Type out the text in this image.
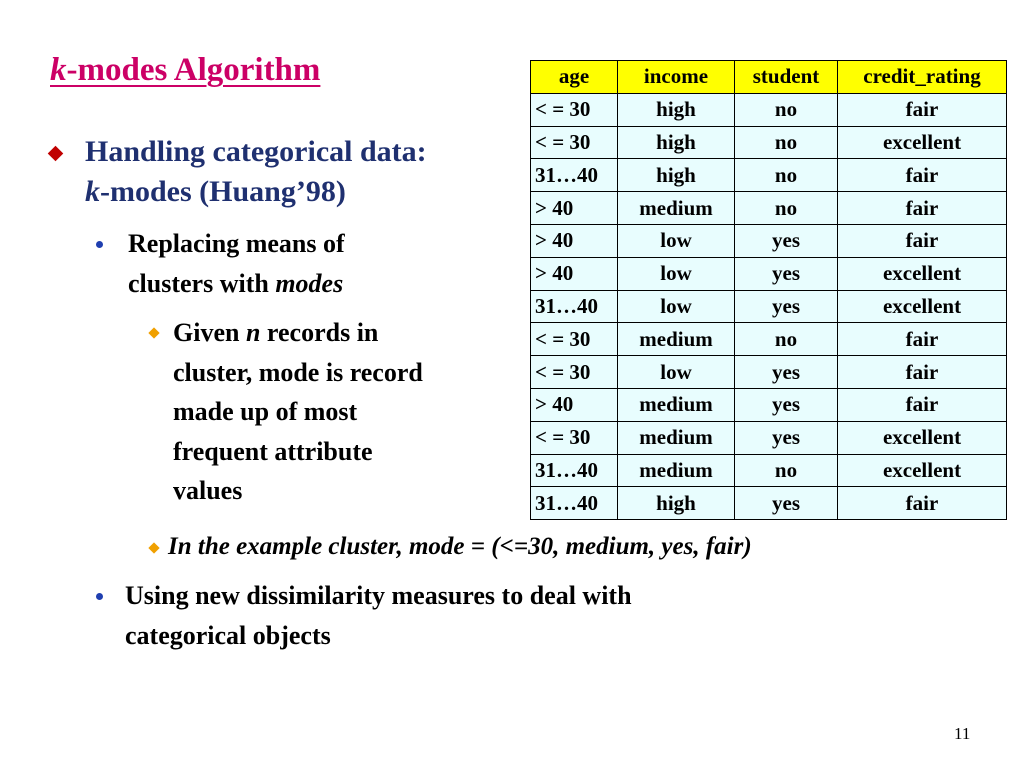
k-modes Algorithm
Handling categorical data:
k-modes (Huang’98)
Replacing means of
clusters with modes
Given n records in
cluster, mode is record
made up of most
frequent attribute
values
In the example cluster, mode = (<=30, medium, yes, fair)
Using new dissimilarity measures to deal with
categorical objects
age	income	student	credit_rating
< = 30	high	no	fair
< = 30	high	no	excellent
31…40	high	no	fair
> 40	medium	no	fair
> 40	low	yes	fair
> 40	low	yes	excellent
31…40	low	yes	excellent
< = 30	medium	no	fair
< = 30	low	yes	fair
> 40	medium	yes	fair
< = 30	medium	yes	excellent
31…40	medium	no	excellent
31…40	high	yes	fair
11
